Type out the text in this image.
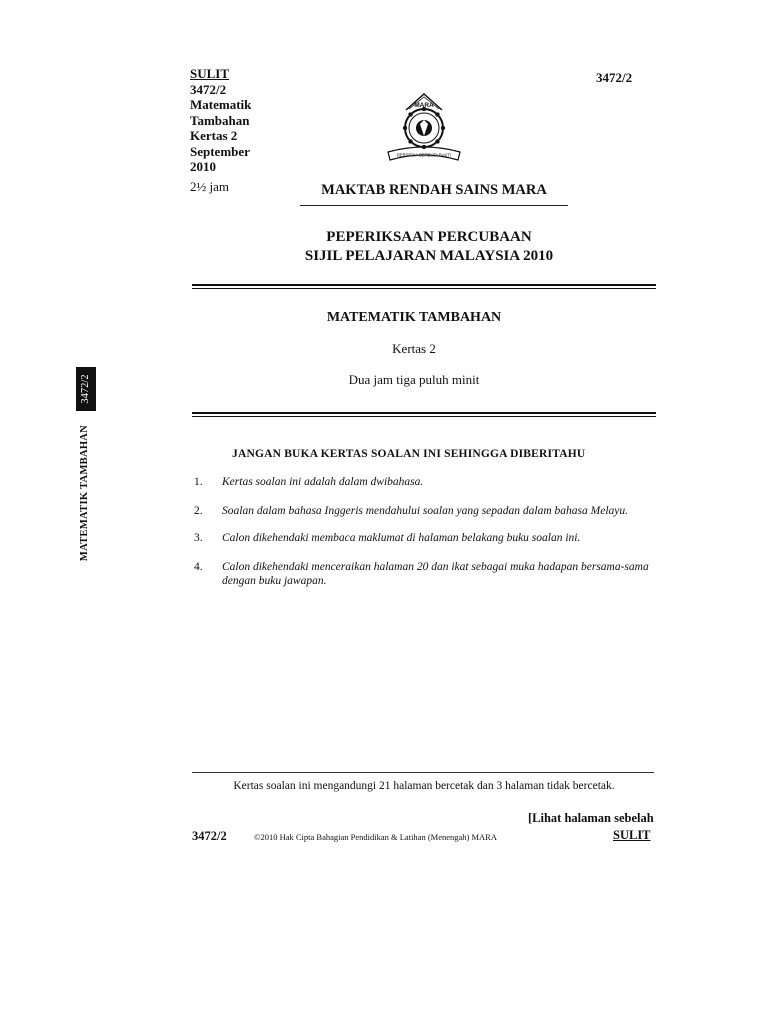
SULIT
3472/2
Matematik
Tambahan
Kertas 2
September
2010
2½ jam
3472/2
MARA
BERSEDIA BERBUDI BAKTI
MAKTAB RENDAH SAINS MARA
PEPERIKSAAN PERCUBAAN
SIJIL PELAJARAN MALAYSIA 2010
MATEMATIK TAMBAHAN
Kertas 2
Dua jam tiga puluh minit
3472/2
MATEMATIK TAMBAHAN	JANGAN BUKA KERTAS SOALAN INI SEHINGGA DIBERITAHU
1. Kertas soalan ini adalah dalam dwibahasa.
2. Soalan dalam bahasa Inggeris mendahului soalan yang sepadan dalam bahasa Melayu.
3. Calon dikehendaki membaca maklumat di halaman belakang buku soalan ini.
4. Calon dikehendaki menceraikan halaman 20 dan ikat sebagai muka hadapan bersama-sama dengan buku jawapan.
Kertas soalan ini mengandungi 21 halaman bercetak dan 3 halaman tidak bercetak.
[Lihat halaman sebelah
3472/2	©2010 Hak Cipta Bahagian Pendidikan & Latihan (Menengah) MARA	SULIT
